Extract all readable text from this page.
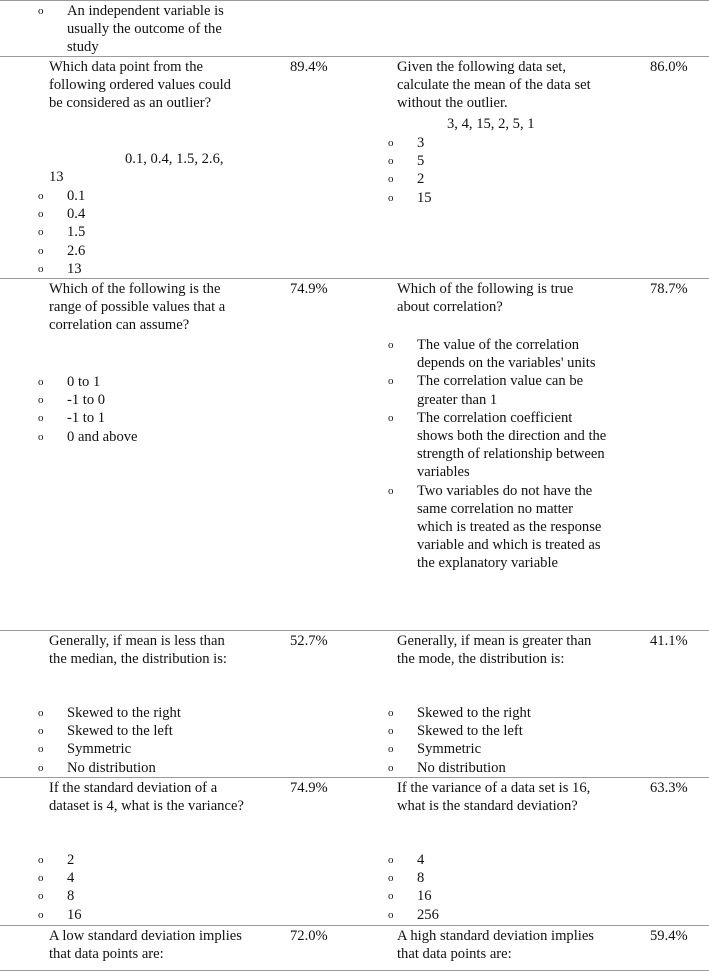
o An independent variable is usually the outcome of the study
Which data point from the following ordered values could be considered as an outlier?
89.4%
0.1, 0.4, 1.5, 2.6,
13
o 0.1
o 0.4
o 1.5
o 2.6
o 13
Given the following data set, calculate the mean of the data set without the outlier.
86.0%
3, 4, 15, 2, 5, 1
o 3
o 5
o 2
o 15
Which of the following is the range of possible values that a correlation can assume?
74.9%
o 0 to 1
o -1 to 0
o -1 to 1
o 0 and above
Which of the following is true about correlation?
78.7%
o The value of the correlation depends on the variables' units
o The correlation value can be greater than 1
o The correlation coefficient shows both the direction and the strength of relationship between variables
o Two variables do not have the same correlation no matter which is treated as the response variable and which is treated as the explanatory variable
Generally, if mean is less than the median, the distribution is:
52.7%
o Skewed to the right
o Skewed to the left
o Symmetric
o No distribution
Generally, if mean is greater than the mode, the distribution is:
41.1%
o Skewed to the right
o Skewed to the left
o Symmetric
o No distribution
If the standard deviation of a dataset is 4, what is the variance?
74.9%
o 2
o 4
o 8
o 16
If the variance of a data set is 16, what is the standard deviation?
63.3%
o 4
o 8
o 16
o 256
A low standard deviation implies that data points are:
72.0%	A high standard deviation implies that data points are:
59.4%
